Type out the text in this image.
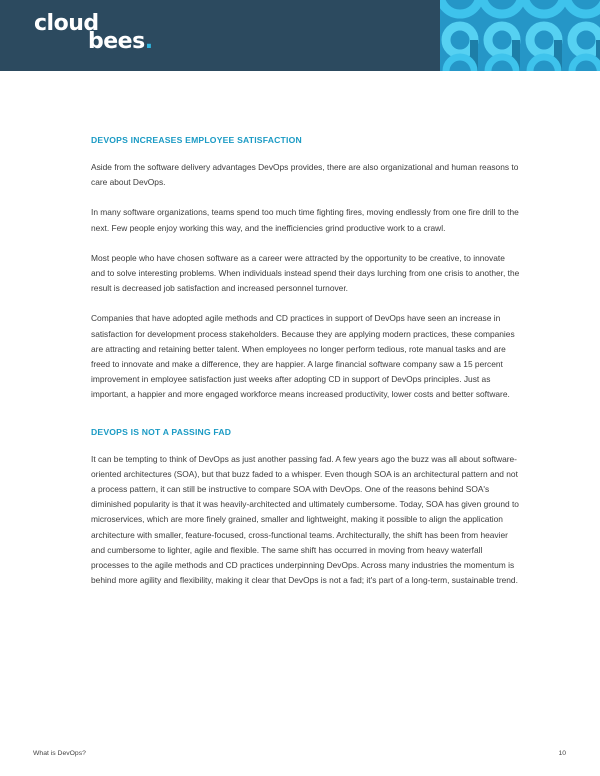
cloud
bees.
DEVOPS INCREASES EMPLOYEE SATISFACTION

Aside from the software delivery advantages DevOps provides, there are also organizational and human reasons to care about DevOps.

In many software organizations, teams spend too much time fighting fires, moving endlessly from one fire drill to the next. Few people enjoy working this way, and the inefficiencies grind productive work to a crawl.

Most people who have chosen software as a career were attracted by the opportunity to be creative, to innovate and to solve interesting problems. When individuals instead spend their days lurching from one crisis to another, the result is decreased job satisfaction and increased personnel turnover.

Companies that have adopted agile methods and CD practices in support of DevOps have seen an increase in satisfaction for development process stakeholders. Because they are applying modern practices, these companies are attracting and retaining better talent. When employees no longer perform tedious, rote manual tasks and are freed to innovate and make a difference, they are happier. A large financial software company saw a 15 percent improvement in employee satisfaction just weeks after adopting CD in support of DevOps principles. Just as important, a happier and more engaged workforce means increased productivity, lower costs and better software.

DEVOPS IS NOT A PASSING FAD

It can be tempting to think of DevOps as just another passing fad. A few years ago the buzz was all about software-oriented architectures (SOA), but that buzz faded to a whisper. Even though SOA is an architectural pattern and not a process pattern, it can still be instructive to compare SOA with DevOps. One of the reasons behind SOA's diminished popularity is that it was heavily-architected and ultimately cumbersome. Today, SOA has given ground to microservices, which are more finely grained, smaller and lightweight, making it possible to align the application architecture with smaller, feature-focused, cross-functional teams. Architecturally, the shift has been from heavier and cumbersome to lighter, agile and flexible. The same shift has occurred in moving from heavy waterfall processes to the agile methods and CD practices underpinning DevOps. Across many industries the momentum is behind more agility and flexibility, making it clear that DevOps is not a fad; it's part of a long-term, sustainable trend.

What is DevOps?	10
